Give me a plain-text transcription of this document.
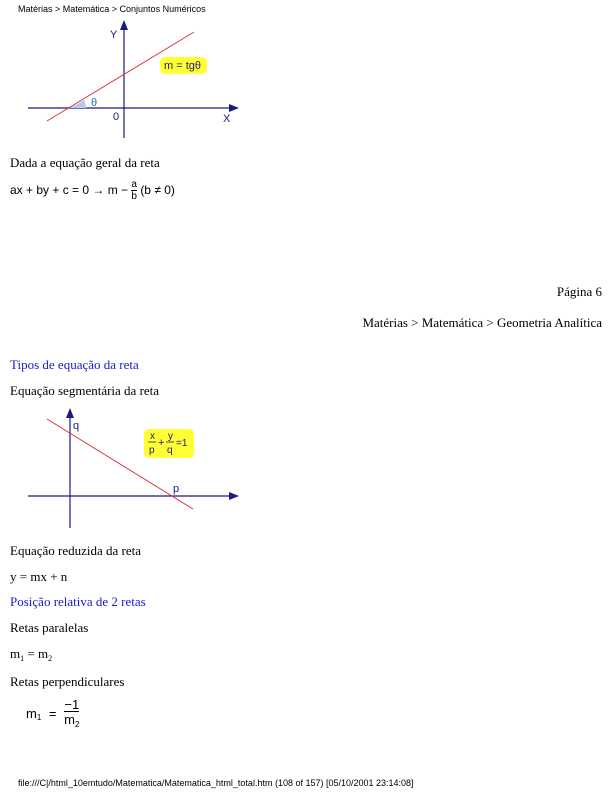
Matérias > Matemática > Conjuntos Numéricos
m = tgθ
Y
X
0
θ
Dada a equação geral da reta
ax + by + $c = 0 \to m - \frac{a}{b} (b \ne 0)$
Página 6
Matérias > Matemática > Geometria Analítica
Tipos de equação da reta
Equação segmentária da reta
q
p
x
p
+
y
q
=1
Equação reduzida da reta
y = mx + n
Posição relativa de 2 retas
Retas paralelas
$m_1 = m_2$
Retas perpendiculares
$m_1 = \frac{-1}{m_2}$
file:///C|/html_10emtudo/Matematica/Matematica_html_total.htm (108 of 157) [05/10/2001 23:14:08]
